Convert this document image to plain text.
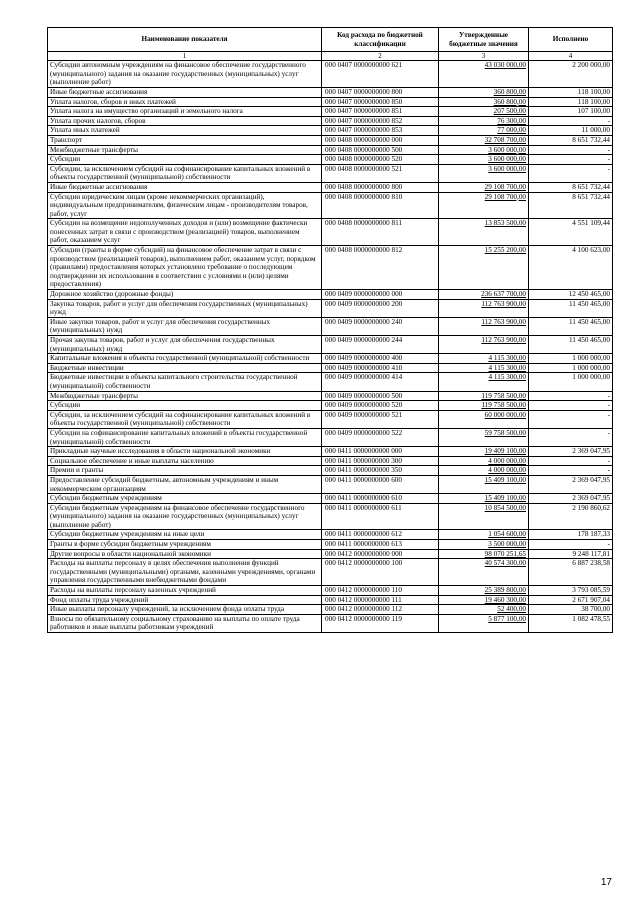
Наименование показателя	Код расхода по бюджетной классификации	Утвержденные бюджетные значения	Исполнено
1	2	3	4
Субсидии автономным учреждениям на финансовое обеспечение государственного (муниципального) задания на оказание государственных (муниципальных) услуг (выполнение работ)	000 0407 0000000000 621	43 030 000,00	2 200 000,00
Иные бюджетные ассигнования	000 0407 0000000000 800	360 800,00	118 100,00
Уплата налогов, сборов и иных платежей	000 0407 0000000000 850	360 800,00	118 100,00
Уплата налога на имущество организаций и земельного налога	000 0407 0000000000 851	207 500,00	107 100,00
Уплата прочих налогов, сборов	000 0407 0000000000 852	76 300,00	-
Уплата иных платежей	000 0407 0000000000 853	77 000,00	11 000,00
Транспорт	000 0408 0000000000 000	32 708 700,00	8 651 732,44
Межбюджетные трансферты	000 0408 0000000000 500	3 600 000,00	-
Субсидии	000 0408 0000000000 520	3 600 000,00	-
Субсидии, за исключением субсидий на софинансирование капитальных вложений в объекты государственной (муниципальной) собственности	000 0408 0000000000 521	3 600 000,00	-
Иные бюджетные ассигнования	000 0408 0000000000 800	29 108 700,00	8 651 732,44
Субсидии юридическим лицам (кроме некоммерческих организаций), индивидуальным предпринимателям, физическим лицам - производителям товаров, работ, услуг	000 0408 0000000000 810	29 108 700,00	8 651 732,44
Субсидии на возмещение недополученных доходов и (или) возмещение фактически понесенных затрат в связи с производством (реализацией) товаров, выполнением работ, оказанием услуг	000 0408 0000000000 811	13 853 500,00	4 551 109,44
Субсидии (гранты в форме субсидий) на финансовое обеспечение затрат в связи с производством (реализацией товаров), выполнением работ, оказанием услуг, порядком (правилами) предоставления которых установлено требование о последующем подтверждении их использования в соответствии с условиями и (или) целями предоставления)	000 0408 0000000000 812	15 255 200,00	4 100 623,00
Дорожное хозяйство (дорожные фонды)	000 0409 0000000000 000	236 637 700,00	12 450 465,00
Закупка товаров, работ и услуг для обеспечения государственных (муниципальных) нужд	000 0409 0000000000 200	112 763 900,00	11 450 465,00
Иные закупки товаров, работ и услуг для обеспечения государственных (муниципальных) нужд	000 0409 0000000000 240	112 763 900,00	11 450 465,00
Прочая закупка товаров, работ и услуг для обеспечения государственных (муниципальных) нужд	000 0409 0000000000 244	112 763 900,00	11 450 465,00
Капитальные вложения в объекты государственной (муниципальной) собственности	000 0409 0000000000 400	4 115 300,00	1 000 000,00
Бюджетные инвестиции	000 0409 0000000000 410	4 115 300,00	1 000 000,00
Бюджетные инвестиции в объекты капитального строительства государственной (муниципальной) собственности	000 0409 0000000000 414	4 115 300,00	1 000 000,00
Межбюджетные трансферты	000 0409 0000000000 500	119 758 500,00	-
Субсидии	000 0409 0000000000 520	119 758 500,00	-
Субсидии, за исключением субсидий на софинансирование капитальных вложений в объекты государственной (муниципальной) собственности	000 0409 0000000000 521	60 000 000,00	-
Субсидии на софинансирование капитальных вложений в объекты государственной (муниципальной) собственности	000 0409 0000000000 522	59 758 500,00	-
Прикладные научные исследования в области национальной экономики	000 0411 0000000000 000	19 409 100,00	2 369 047,95
Социальное обеспечение и иные выплаты населению	000 0411 0000000000 300	4 000 000,00	-
Премии и гранты	000 0411 0000000000 350	4 000 000,00	-
Предоставление субсидий бюджетным, автономным учреждениям и иным некоммерческим организациям	000 0411 0000000000 600	15 409 100,00	2 369 047,95
Субсидии бюджетным учреждениям	000 0411 0000000000 610	15 409 100,00	2 369 047,95
Субсидии бюджетным учреждениям на финансовое обеспечение государственного (муниципального) задания на оказание государственных (муниципальных) услуг (выполнение работ)	000 0411 0000000000 611	10 854 500,00	2 190 860,62
Субсидии бюджетным учреждениям на иные цели	000 0411 0000000000 612	1 054 600,00	178 187,33
Гранты в форме субсидии бюджетным учреждениям	000 0411 0000000000 613	3 500 000,00	-
Другие вопросы в области национальной экономики	000 0412 0000000000 000	98 070 251,65	9 248 117,81
Расходы на выплаты персоналу в целях обеспечения выполнения функций государственными (муниципальными) органами, казенными учреждениями, органами управления государственными внебюджетными фондами	000 0412 0000000000 100	40 574 300,00	6 887 238,58
Расходы на выплаты персоналу казенных учреждений	000 0412 0000000000 110	25 389 800,00	3 793 085,59
Фонд оплаты труда учреждений	000 0412 0000000000 111	19 460 300,00	2 671 907,04
Иные выплаты персоналу учреждений, за исключением фонда оплаты труда	000 0412 0000000000 112	52 400,00	38 700,00
Взносы по обязательному социальному страхованию на выплаты по оплате труда работников и иные выплаты работникам учреждений	000 0412 0000000000 119	5 877 100,00	1 082 478,55
17
